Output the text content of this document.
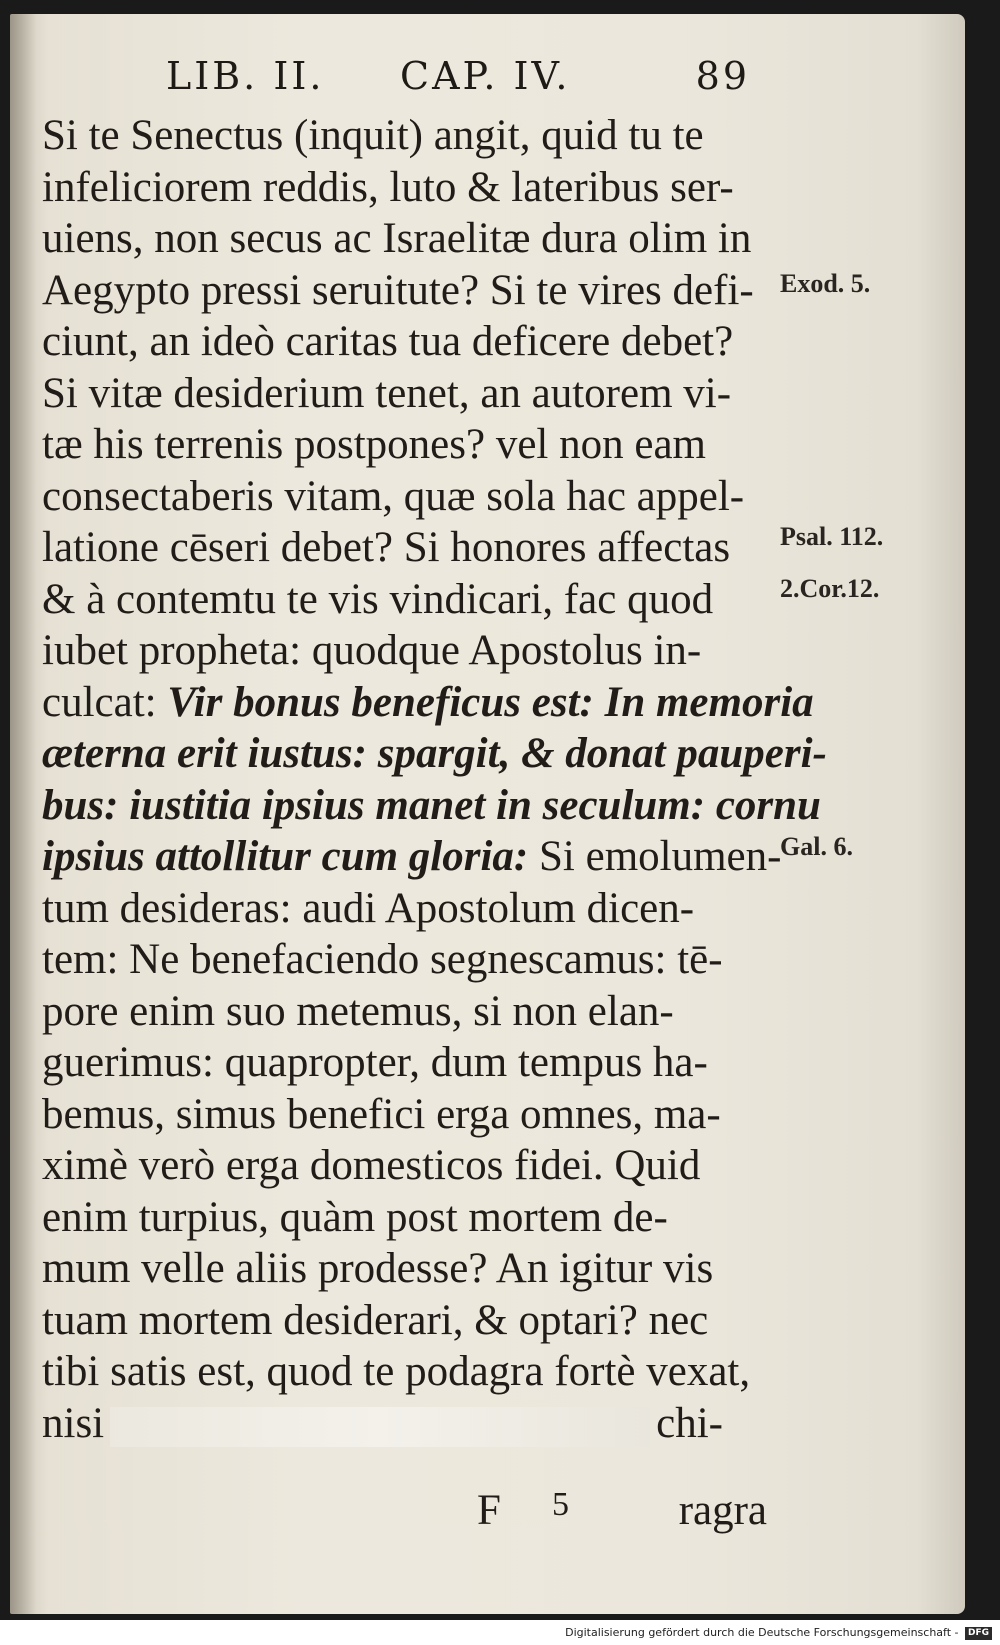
LIB. II. CAP. IV.	89
Si te Senectus (inquit) angit, quid tu te
infeliciorem reddis, luto & lateribus ser-
uiens, non secus ac Israelitæ dura olim in
Aegypto pressi seruitute? Si te vires defi-
ciunt, an ideò caritas tua deficere debet?
Si vitæ desiderium tenet, an autorem vi-
tæ his terrenis postpones? vel non eam
consectaberis vitam, quæ sola hac appel-
latione cēseri debet? Si honores affectas
& à contemtu te vis vindicari, fac quod
iubet propheta: quodque Apostolus in-
culcat: Vir bonus beneficus est: In memoria
æterna erit iustus: spargit, & donat pauperi-
bus: iustitia ipsius manet in seculum: cornu
ipsius attollitur cum gloria: Si emolumen-
tum desideras: audi Apostolum dicen-
tem: Ne benefaciendo segnescamus: tē-
pore enim suo metemus, si non elan-
guerimus: quapropter, dum tempus ha-
bemus, simus benefici erga omnes, ma-
ximè verò erga domesticos fidei. Quid
enim turpius, quàm post mortem de-
mum velle aliis prodesse? An igitur vis
tuam mortem desiderari, & optari? nec
tibi satis est, quod te podagra fortè vexat,
nisi	chi-
Exod. 5.
Psal. 112.
2.Cor.12.
Gal. 6.
F 5	ragra
Digitalisierung gefördert durch die Deutsche Forschungsgemeinschaft - DFG
